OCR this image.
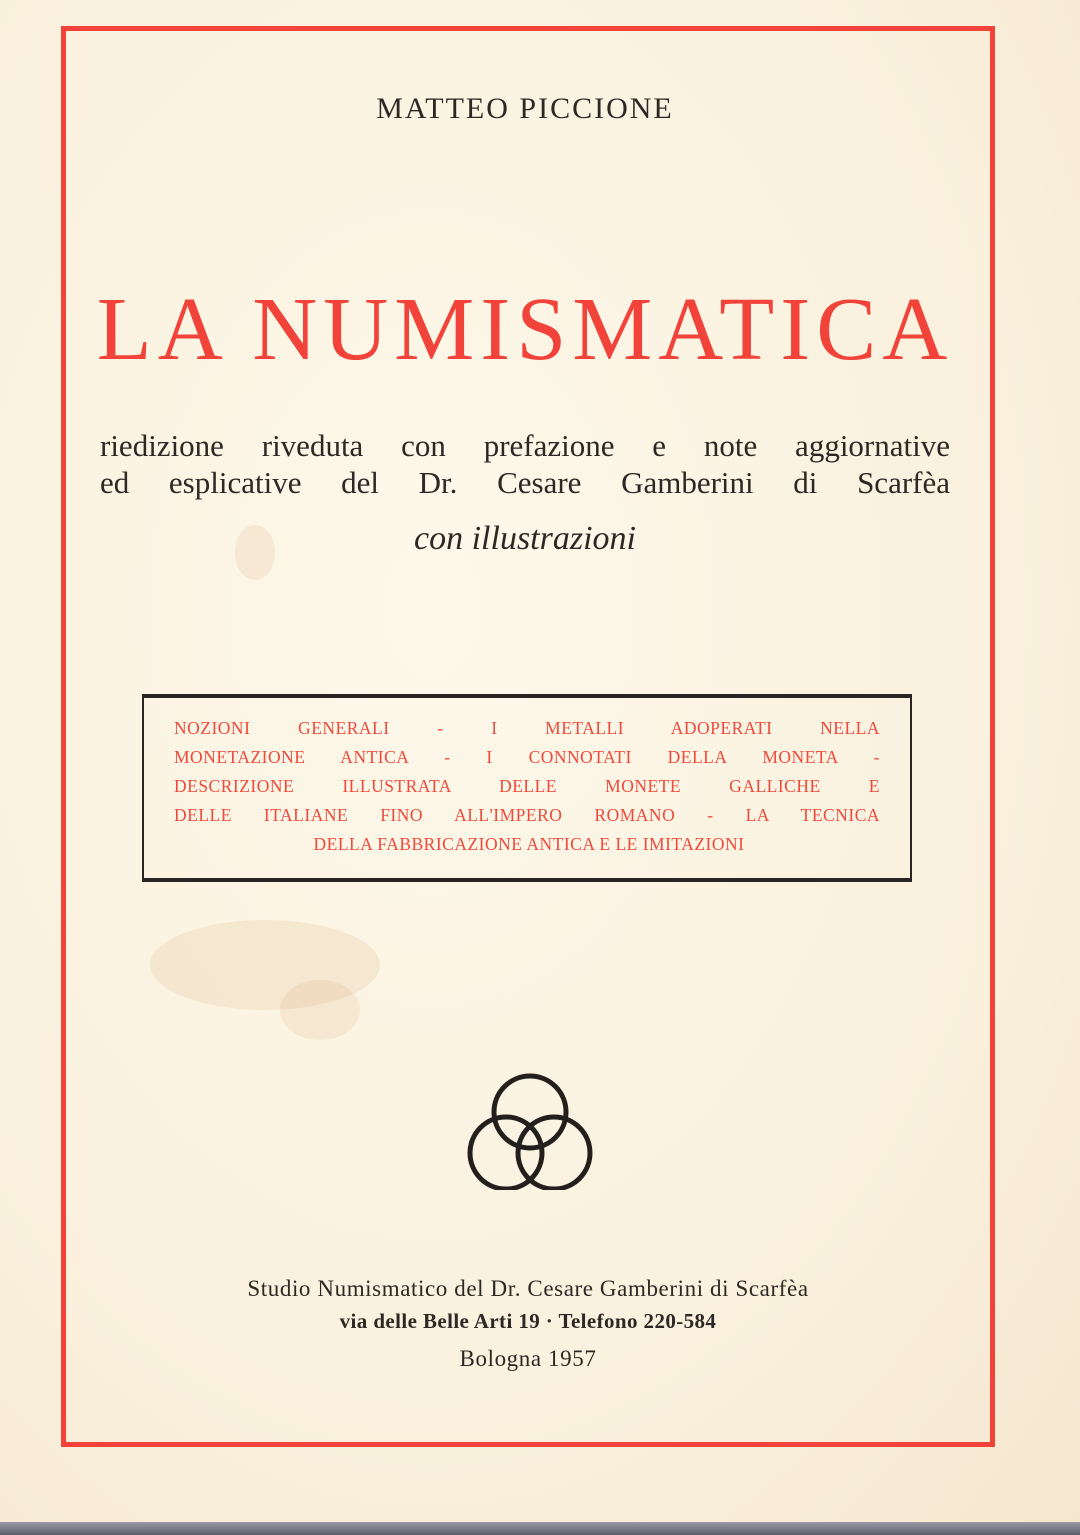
MATTEO PICCIONE
LA NUMISMATICA
riedizione riveduta con prefazione e note aggiornative
ed esplicative del Dr. Cesare Gamberini di Scarfèa
con illustrazioni
NOZIONI GENERALI - I METALLI ADOPERATI NELLA
MONETAZIONE ANTICA - I CONNOTATI DELLA MONETA -
DESCRIZIONE ILLUSTRATA DELLE MONETE GALLICHE E
DELLE ITALIANE FINO ALL'IMPERO ROMANO - LA TECNICA
DELLA FABBRICAZIONE ANTICA E LE IMITAZIONI
Studio Numismatico del Dr. Cesare Gamberini di Scarfèa
via delle Belle Arti 19 · Telefono 220-584
Bologna 1957
